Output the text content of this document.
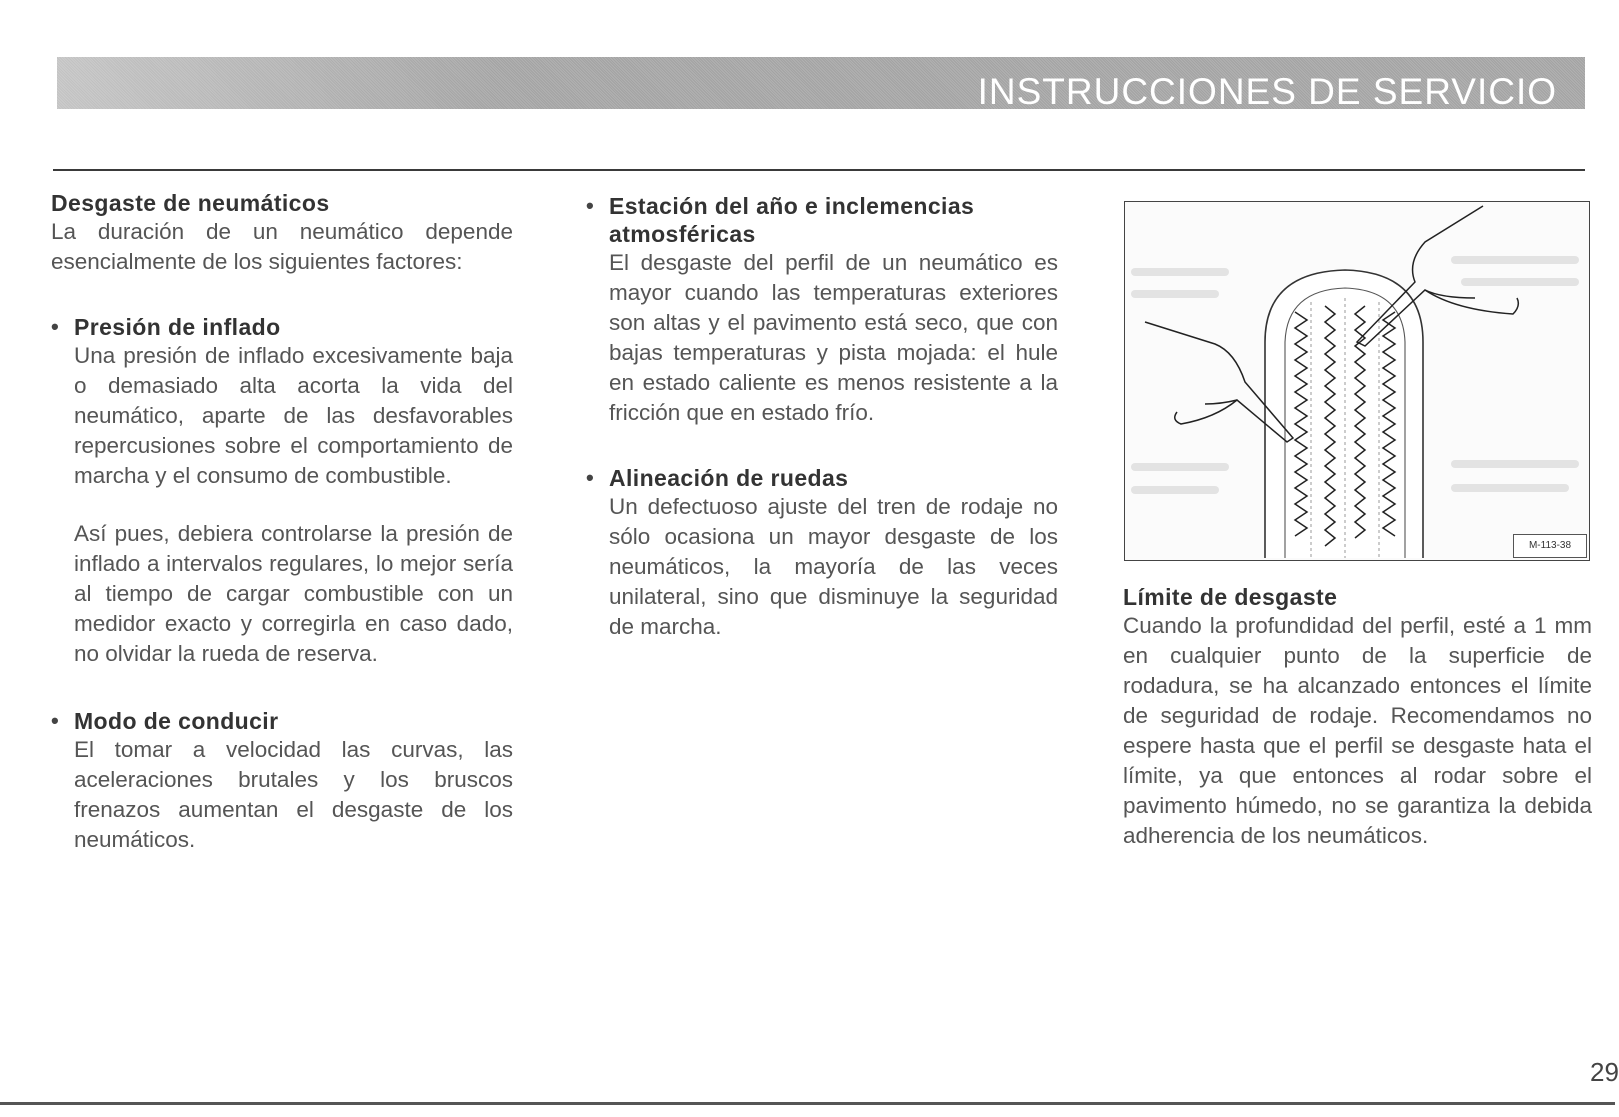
INSTRUCCIONES DE SERVICIO
Desgaste de neumáticos

La duración de un neumático depende esencialmente de los siguientes factores:

• Presión de inflado

Una presión de inflado excesivamente baja o demasiado alta acorta la vida del neumático, aparte de las desfavorables repercusiones sobre el comportamiento de marcha y el consumo de combustible.

Así pues, debiera controlarse la presión de inflado a intervalos regulares, lo mejor sería al tiempo de cargar combustible con un medidor exacto y corregirla en caso dado, no olvidar la rueda de reserva.

• Modo de conducir

El tomar a velocidad las curvas, las aceleraciones brutales y los bruscos frenazos aumentan el desgaste de los neumáticos.

• Estación del año e inclemencias atmosféricas

El desgaste del perfil de un neumático es mayor cuando las temperaturas exteriores son altas y el pavimento está seco, que con bajas temperaturas y pista mojada: el hule en estado caliente es menos resistente a la fricción que en estado frío.

• Alineación de ruedas

Un defectuoso ajuste del tren de rodaje no sólo ocasiona un mayor desgaste de los neumáticos, la mayoría de las veces unilateral, sino que disminuye la seguridad de marcha.

M-113-38
Límite de desgaste

Cuando la profundidad del perfil, esté a 1 mm en cualquier punto de la superficie de rodadura, se ha alcanzado entonces el límite de seguridad de rodaje. Recomendamos no espere hasta que el perfil se desgaste hata el límite, ya que entonces al rodar sobre el pavimento húmedo, no se garantiza la debida adherencia de los neumáticos.

29
